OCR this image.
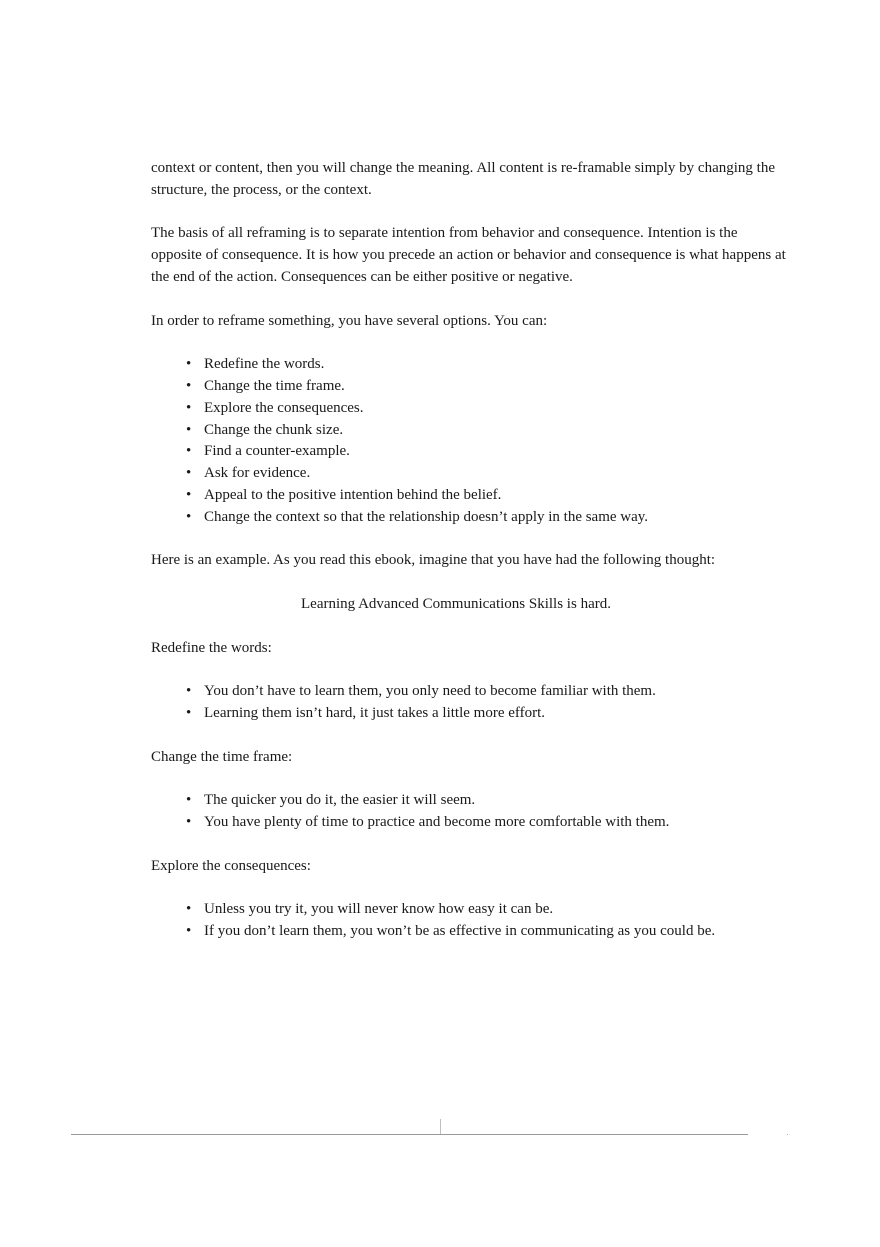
context or content, then you will change the meaning. All content is re-framable simply by changing the structure, the process, or the context.

The basis of all reframing is to separate intention from behavior and consequence. Intention is the opposite of consequence. It is how you precede an action or behavior and consequence is what happens at the end of the action. Consequences can be either positive or negative.

In order to reframe something, you have several options. You can:

• Redefine the words.
• Change the time frame.
• Explore the consequences.
• Change the chunk size.
• Find a counter-example.
• Ask for evidence.
• Appeal to the positive intention behind the belief.
• Change the context so that the relationship doesn’t apply in the same way.

Here is an example. As you read this ebook, imagine that you have had the following thought:

Learning Advanced Communications Skills is hard.

Redefine the words:

• You don’t have to learn them, you only need to become familiar with them.
• Learning them isn’t hard, it just takes a little more effort.

Change the time frame:

• The quicker you do it, the easier it will seem.
• You have plenty of time to practice and become more comfortable with them.

Explore the consequences:

• Unless you try it, you will never know how easy it can be.
• If you don’t learn them, you won’t be as effective in communicating as you could be.
